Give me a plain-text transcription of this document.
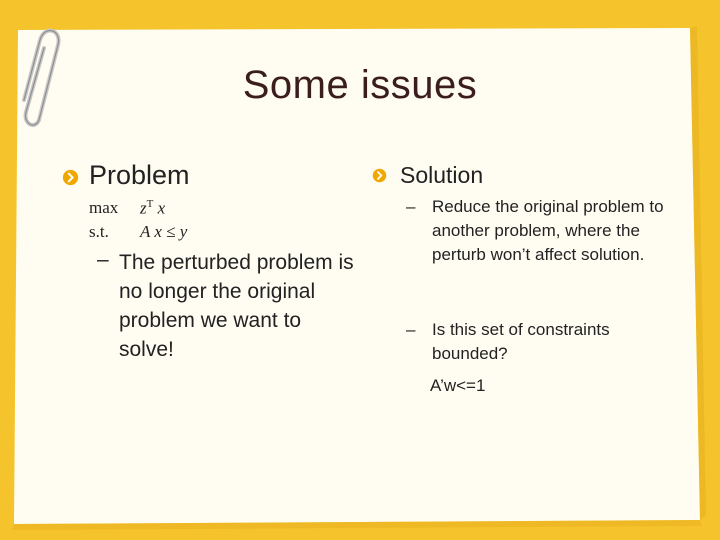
Some issues
Problem
$\max z^T$ x
s.t. A x ≤ y
– The perturbed problem is no longer the original problem we want to solve!
Solution
– Reduce the original problem to another problem, where the perturb won’t affect solution.
– Is this set of constraints bounded?
A’w<=1
